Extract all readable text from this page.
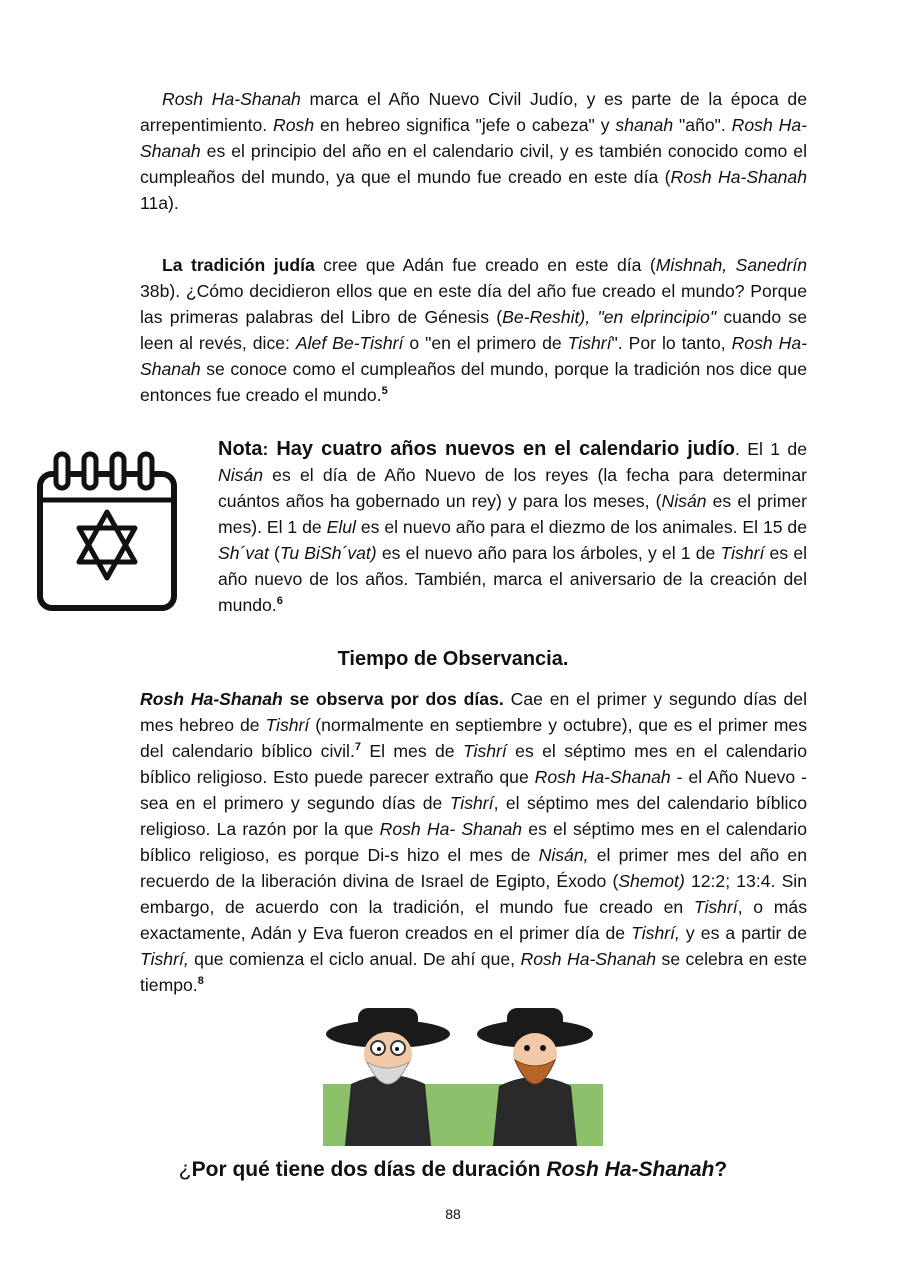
Rosh Ha-Shanah marca el Año Nuevo Civil Judío, y es parte de la época de arrepentimiento. Rosh en hebreo significa "jefe o cabeza" y shanah "año". Rosh Ha-Shanah es el principio del año en el calendario civil, y es también conocido como el cumpleaños del mundo, ya que el mundo fue creado en este día (Rosh Ha-Shanah 11a).

La tradición judía cree que Adán fue creado en este día (Mishnah, Sanedrín 38b). ¿Cómo decidieron ellos que en este día del año fue creado el mundo? Porque las primeras palabras del Libro de Génesis (Be-Reshit), "en elprincipio" cuando se leen al revés, dice: Alef Be-Tishrí o "en el primero de Tishrí". Por lo tanto, Rosh Ha-Shanah se conoce como el cumpleaños del mundo, porque la tradición nos dice que entonces fue creado el mundo.$^5$

Nota: Hay cuatro años nuevos en el calendario judío. El 1 de Nisán es el día de Año Nuevo de los reyes (la fecha para determinar cuántos años ha gobernado un rey) y para los meses, (Nisán es el primer mes). El 1 de Elul es el nuevo año para el diezmo de los animales. El 15 de Sh´vat (Tu BiSh´vat) es el nuevo año para los árboles, y el 1 de Tishrí es el año nuevo de los años. También, marca el aniversario de la creación del mundo.$^6$

Tiempo de Observancia.

Rosh Ha-Shanah se observa por dos días. Cae en el primer y segundo días del mes hebreo de Tishrí (normalmente en septiembre y octubre), que es el primer mes del calendario bíblico civil.$^7$ El mes de Tishrí es el séptimo mes en el calendario bíblico religioso. Esto puede parecer extraño que Rosh Ha-Shanah - el Año Nuevo - sea en el primero y segundo días de Tishrí, el séptimo mes del calendario bíblico religioso. La razón por la que Rosh Ha- Shanah es el séptimo mes en el calendario bíblico religioso, es porque Di-s hizo el mes de Nisán, el primer mes del año en recuerdo de la liberación divina de Israel de Egipto, Éxodo (Shemot) 12:2; 13:4. Sin embargo, de acuerdo con la tradición, el mundo fue creado en Tishrí, o más exactamente, Adán y Eva fueron creados en el primer día de Tishrí, y es a partir de Tishrí, que comienza el ciclo anual. De ahí que, Rosh Ha-Shanah se celebra en este tiempo.$^8$

¿Por qué tiene dos días de duración Rosh Ha-Shanah?
88
